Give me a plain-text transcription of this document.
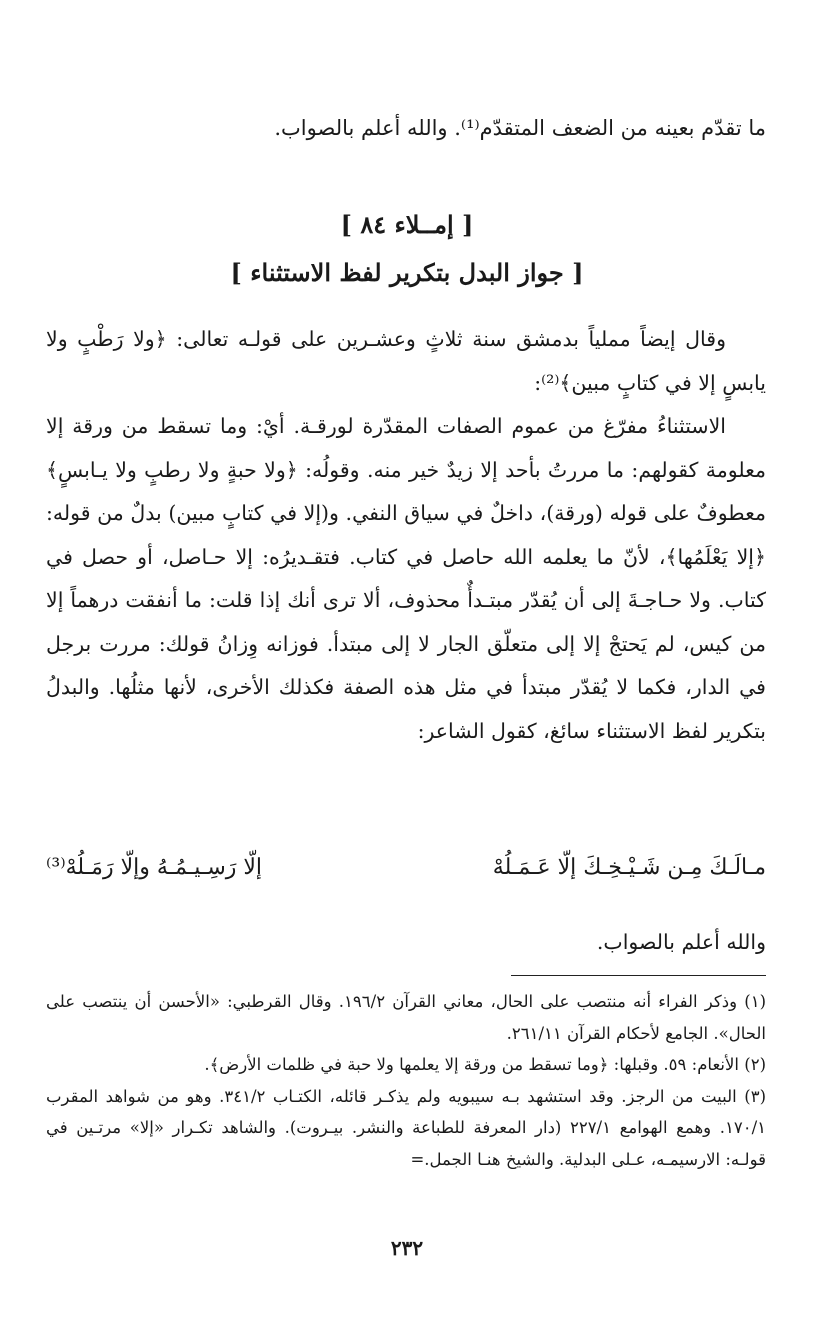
ما تقدّم بعينه من الضعف المتقدّم⁽¹⁾. والله أعلم بالصواب.
[ إمــلاء ٨٤ ]
[ جواز البدل بتكرير لفظ الاستثناء ]

وقال إيضاً مملياً بدمشق سنة ثلاثٍ وعشـرين على قولـه تعالى: ﴿ولا رَطْبٍ ولا يابسٍ إلا في كتابٍ مبين﴾⁽²⁾:

الاستثناءُ مفرّغ من عموم الصفات المقدّرة لورقـة. أيْ: وما تسقط من ورقة إلا معلومة كقولهم: ما مررتُ بأحد إلا زيدٌ خير منه. وقولُه: ﴿ولا حبةٍ ولا رطبٍ ولا يـابسٍ﴾ معطوفٌ على قوله (ورقة)، داخلٌ في سياق النفي. و(إلا في كتابٍ مبين) بدلٌ من قوله: ﴿إلا يَعْلَمُها﴾، لأنّ ما يعلمه الله حاصل في كتاب. فتقـديرُه: إلا حـاصل، أو حصل في كتاب. ولا حـاجـةَ إلى أن يُقدّر مبتـدأٌ محذوف، ألا ترى أنك إذا قلت: ما أنفقت درهماً إلا من كيس، لم يَحتجْ إلا إلى متعلّق الجار لا إلى مبتدأ. فوزانه وِزانُ قولك: مررت برجل في الدار، فكما لا يُقدّر مبتدأ في مثل هذه الصفة فكذلك الأخرى، لأنها مثلُها. والبدلُ بتكرير لفظ الاستثناء سائغ، كقول الشاعر:

مـالَـكَ مِـن شَـيْـخِـكَ إلّا عَـمَـلُهْ
إلّا رَسِـيـمُـهُ وإلّا رَمَـلُهْ⁽³⁾
والله أعلم بالصواب.

(١) وذكر الفراء أنه منتصب على الحال، معاني القرآن ١٩٦/٢. وقال القرطبي: «الأحسن أن ينتصب على الحال». الجامع لأحكام القرآن ٢٦١/١١.

(٢) الأنعام: ٥٩. وقبلها: ﴿وما تسقط من ورقة إلا يعلمها ولا حبة في ظلمات الأرض﴾.

(٣) البيت من الرجز. وقد استشهد بـه سيبويه ولم يذكـر قائله، الكتـاب ٣٤١/٢. وهو من شواهد المقرب ١٧٠/١. وهمع الهوامع ٢٢٧/١ (دار المعرفة للطباعة والنشر. بيـروت). والشاهد تكـرار «إلا» مرتـين في قولـه: الارسيمـه، عـلى البدلية. والشيخ هنـا الجمل.=

٢٣٢
